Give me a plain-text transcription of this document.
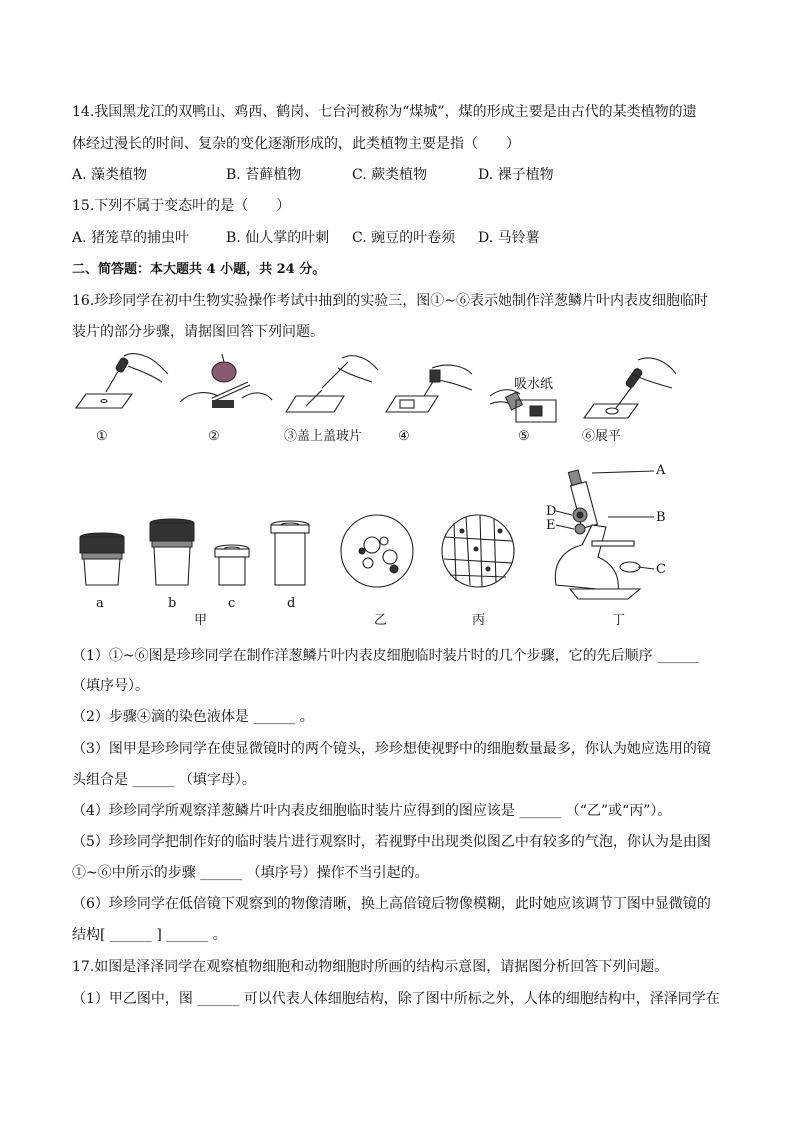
14.我国黑龙江的双鸭山、鸡西、鹤岗、七台河被称为“煤城”，煤的形成主要是由古代的某类植物的遗
体经过漫长的时间、复杂的变化逐渐形成的，此类植物主要是指（　　）
A. 藻类植物	B. 苔藓植物	C. 蕨类植物	D. 裸子植物
15.下列不属于变态叶的是（　　）
A. 猪笼草的捕虫叶	B. 仙人掌的叶刺 C. 豌豆的叶卷须 D. 马铃薯
二、简答题：本大题共 4 小题，共 24 分。
16.珍珍同学在初中生物实验操作考试中抽到的实验三，图①~⑥表示她制作洋葱鳞片叶内表皮细胞临时
装片的部分步骤，请据图回答下列问题。
①	②	③盖上盖玻片	④	⑤	⑥展平
吸水纸
a	b	c	d
甲	乙	丙	丁
A
B
C
D
E
（1）①~⑥图是珍珍同学在制作洋葱鳞片叶内表皮细胞临时装片时的几个步骤，它的先后顺序 ______
（填序号）。
（2）步骤④滴的染色液体是 ______ 。
（3）图甲是珍珍同学在使显微镜时的两个镜头，珍珍想使视野中的细胞数量最多，你认为她应选用的镜
头组合是 ______ （填字母）。
（4）珍珍同学所观察洋葱鳞片叶内表皮细胞临时装片应得到的图应该是 ______ （“乙”或“丙”）。
（5）珍珍同学把制作好的临时装片进行观察时，若视野中出现类似图乙中有较多的气泡，你认为是由图
①~⑥中所示的步骤 ______ （填序号）操作不当引起的。
（6）珍珍同学在低倍镜下观察到的物像清晰，换上高倍镜后物像模糊，此时她应该调节丁图中显微镜的
结构[ ______ ] ______ 。
17.如图是泽泽同学在观察植物细胞和动物细胞时所画的结构示意图，请据图分析回答下列问题。
（1）甲乙图中，图 ______ 可以代表人体细胞结构，除了图中所标之外，人体的细胞结构中，泽泽同学在
